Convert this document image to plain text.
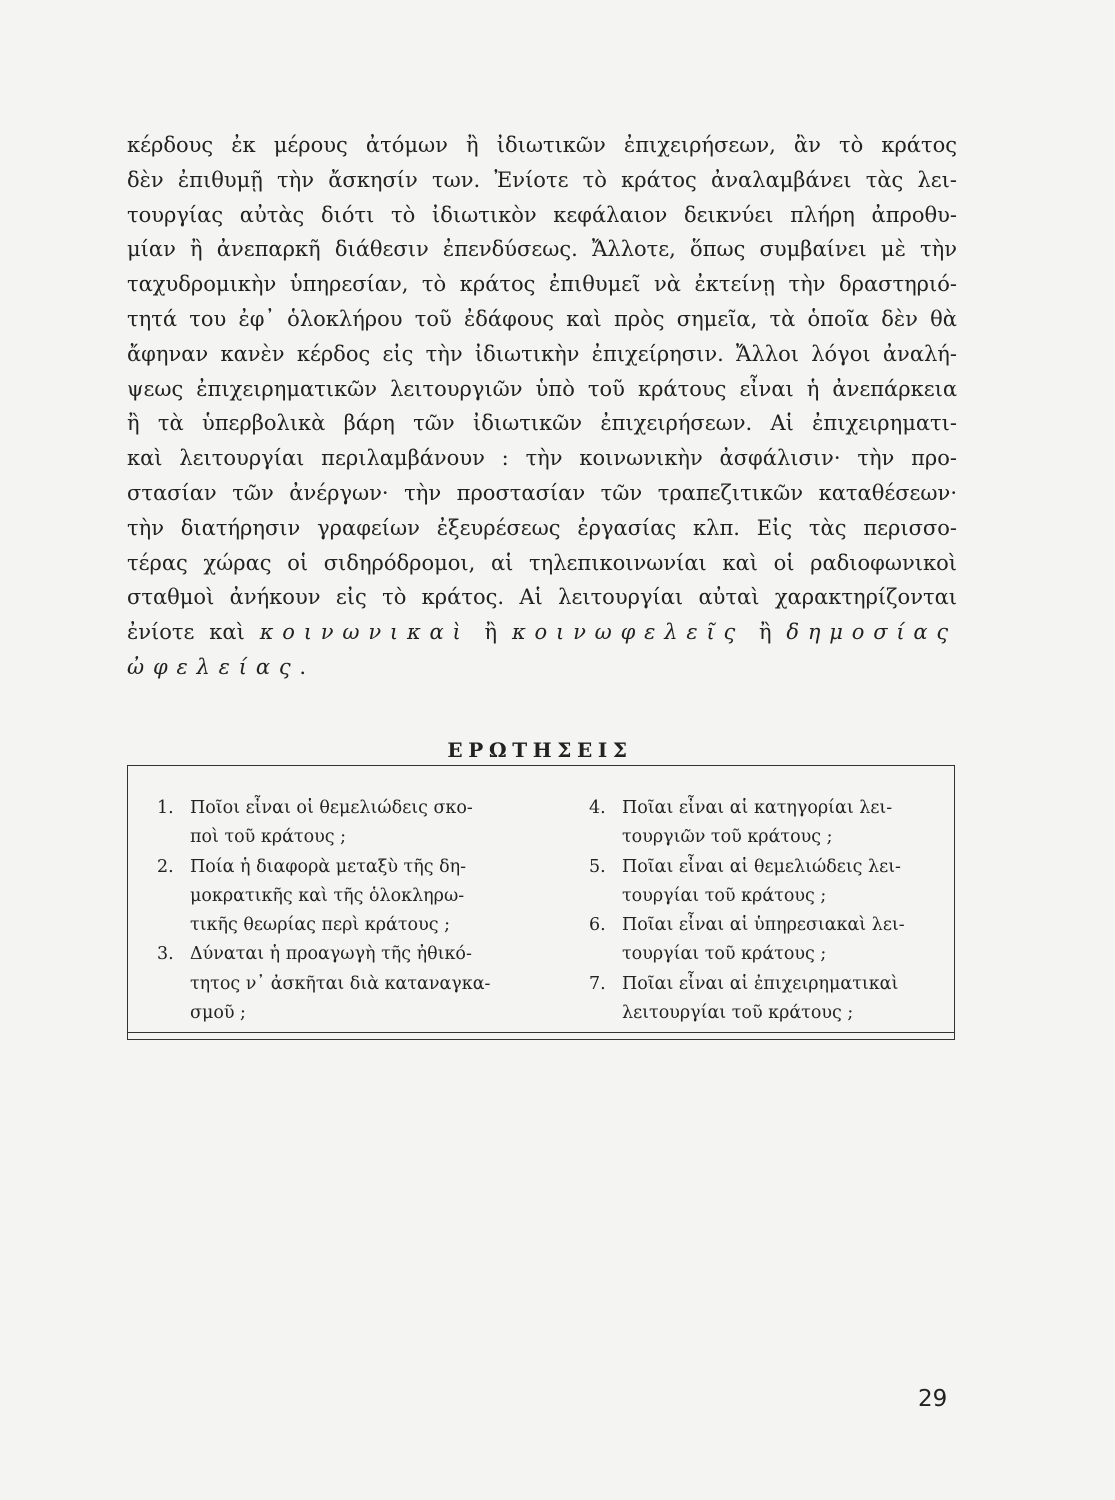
κέρδους ἐκ μέρους ἀτόμων ἢ ἰδιωτικῶν ἐπιχειρήσεων, ἂν τὸ κράτος
δὲν ἐπιθυμῇ τὴν ἄσκησίν των. Ἐνίοτε τὸ κράτος ἀναλαμβάνει τὰς λει-
τουργίας αὐτὰς διότι τὸ ἰδιωτικὸν κεφάλαιον δεικνύει πλήρη ἀπροθυ-
μίαν ἢ ἀνεπαρκῆ διάθεσιν ἐπενδύσεως. Ἄλλοτε, ὅπως συμβαίνει μὲ τὴν
ταχυδρομικὴν ὑπηρεσίαν, τὸ κράτος ἐπιθυμεῖ νὰ ἐκτείνῃ τὴν δραστηριό-
τητά του ἐφ᾽ ὁλοκλήρου τοῦ ἐδάφους καὶ πρὸς σημεῖα, τὰ ὁποῖα δὲν θὰ
ἄφηναν κανὲν κέρδος εἰς τὴν ἰδιωτικὴν ἐπιχείρησιν. Ἄλλοι λόγοι ἀναλή-
ψεως ἐπιχειρηματικῶν λειτουργιῶν ὑπὸ τοῦ κράτους εἶναι ἡ ἀνεπάρκεια
ἢ τὰ ὑπερβολικὰ βάρη τῶν ἰδιωτικῶν ἐπιχειρήσεων. Αἱ ἐπιχειρηματι-
καὶ λειτουργίαι περιλαμβάνουν : τὴν κοινωνικὴν ἀσφάλισιν· τὴν προ-
στασίαν τῶν ἀνέργων· τὴν προστασίαν τῶν τραπεζιτικῶν καταθέσεων·
τὴν διατήρησιν γραφείων ἐξευρέσεως ἐργασίας κλπ. Εἰς τὰς περισσο-
τέρας χώρας οἱ σιδηρόδρομοι, αἱ τηλεπικοινωνίαι καὶ οἱ ραδιοφωνικοὶ
σταθμοὶ ἀνήκουν εἰς τὸ κράτος. Αἱ λειτουργίαι αὐταὶ χαρακτηρίζονται
ἐνίοτε καὶ κοινωνικαὶ ἢ κοινωφελεῖς ἢ δημοσίας
ὠφελείας.
ΕΡΩΤΗΣΕΙΣ
1. Ποῖοι εἶναι οἱ θεμελιώδεις σκο-
ποὶ τοῦ κράτους ;
2. Ποία ἡ διαφορὰ μεταξὺ τῆς δη-
μοκρατικῆς καὶ τῆς ὁλοκληρω-
τικῆς θεωρίας περὶ κράτους ;
3. Δύναται ἡ προαγωγὴ τῆς ἠθικό-
τητος ν᾽ ἀσκῆται διὰ καταναγκα-
σμοῦ ;
4. Ποῖαι εἶναι αἱ κατηγορίαι λει-
τουργιῶν τοῦ κράτους ;
5. Ποῖαι εἶναι αἱ θεμελιώδεις λει-
τουργίαι τοῦ κράτους ;
6. Ποῖαι εἶναι αἱ ὑπηρεσιακαὶ λει-
τουργίαι τοῦ κράτους ;
7. Ποῖαι εἶναι αἱ ἐπιχειρηματικαὶ
λειτουργίαι τοῦ κράτους ;
29
